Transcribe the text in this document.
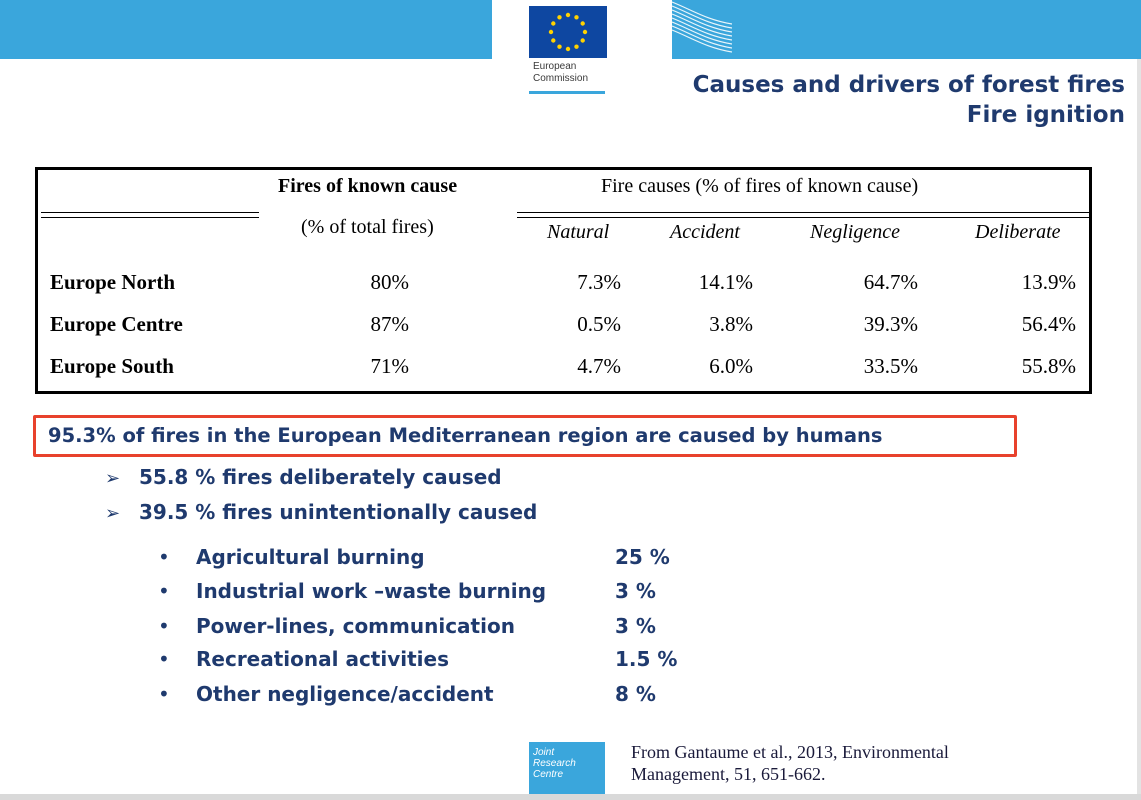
European
Commission	Causes and drivers of forest fires
Fire ignition
Fires of known cause
(% of total fires)
Fire causes (% of fires of known cause)
Natural	Accident	Negligence	Deliberate
Europe North	80%	7.3%	14.1%	64.7%	13.9%
Europe Centre	87%	0.5%	3.8%	39.3%	56.4%
Europe South	71%	4.7%	6.0%	33.5%	55.8%
95.3% of fires in the European Mediterranean region are caused by humans
➢ 55.8 % fires deliberately caused
➢ 39.5 % fires unintentionally caused
• Agricultural burning	25 %
• Industrial work –waste burning	3 %
• Power-lines, communication	3 %
• Recreational activities	1.5 %
• Other negligence/accident	8 %
Joint
Research
Centre
From Gantaume et al., 2013, Environmental
Management, 51, 651-662.
